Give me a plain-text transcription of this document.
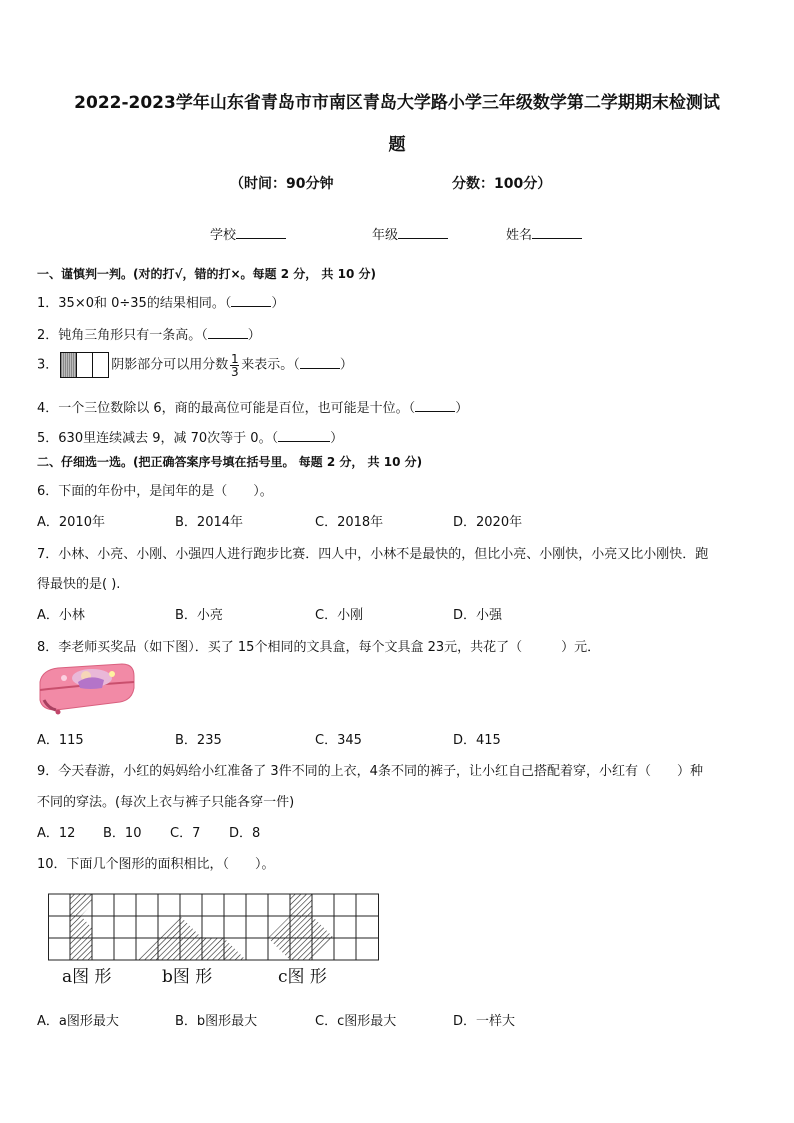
2022-2023学年山东省青岛市市南区青岛大学路小学三年级数学第二学期期末检测试
题
（时间：90分钟	分数：100分）
学校	年级	姓名
一、谨慎判一判。(对的打√，错的打×。每题 2 分， 共 10 分)
1．35×0和 0÷35的结果相同。（	）
2．钝角三角形只有一条高。（	）
3．	阴影部分可以用分数 $\frac{1}{3}$ 来表示。（	）
4．一个三位数除以 6，商的最高位可能是百位，也可能是十位。（	）
5．630里连续减去 9，减 70次等于 0。（	）
二、仔细选一选。(把正确答案序号填在括号里。 每题 2 分， 共 10 分)
6．下面的年份中，是闰年的是（　　）。
A．2010年	B．2014年	C．2018年	D．2020年
7．小林、小亮、小刚、小强四人进行跑步比赛．四人中，小林不是最快的，但比小亮、小刚快，小亮又比小刚快．跑
得最快的是( ).
A．小林	B．小亮	C．小刚	D．小强
8．李老师买奖品（如下图）．买了 15个相同的文具盒，每个文具盒 23元，共花了（　　　）元．
A．115	B．235	C．345	D．415
9．今天春游，小红的妈妈给小红准备了 3件不同的上衣，4条不同的裤子，让小红自己搭配着穿，小红有（　　）种
不同的穿法。(每次上衣与裤子只能各穿一件)
A．12 B．10 C．7 D．8
10．下面几个图形的面积相比，（　　）。
a图 形	b图 形	c图 形
A．a图形最大	B．b图形最大	C．c图形最大	D．一样大
